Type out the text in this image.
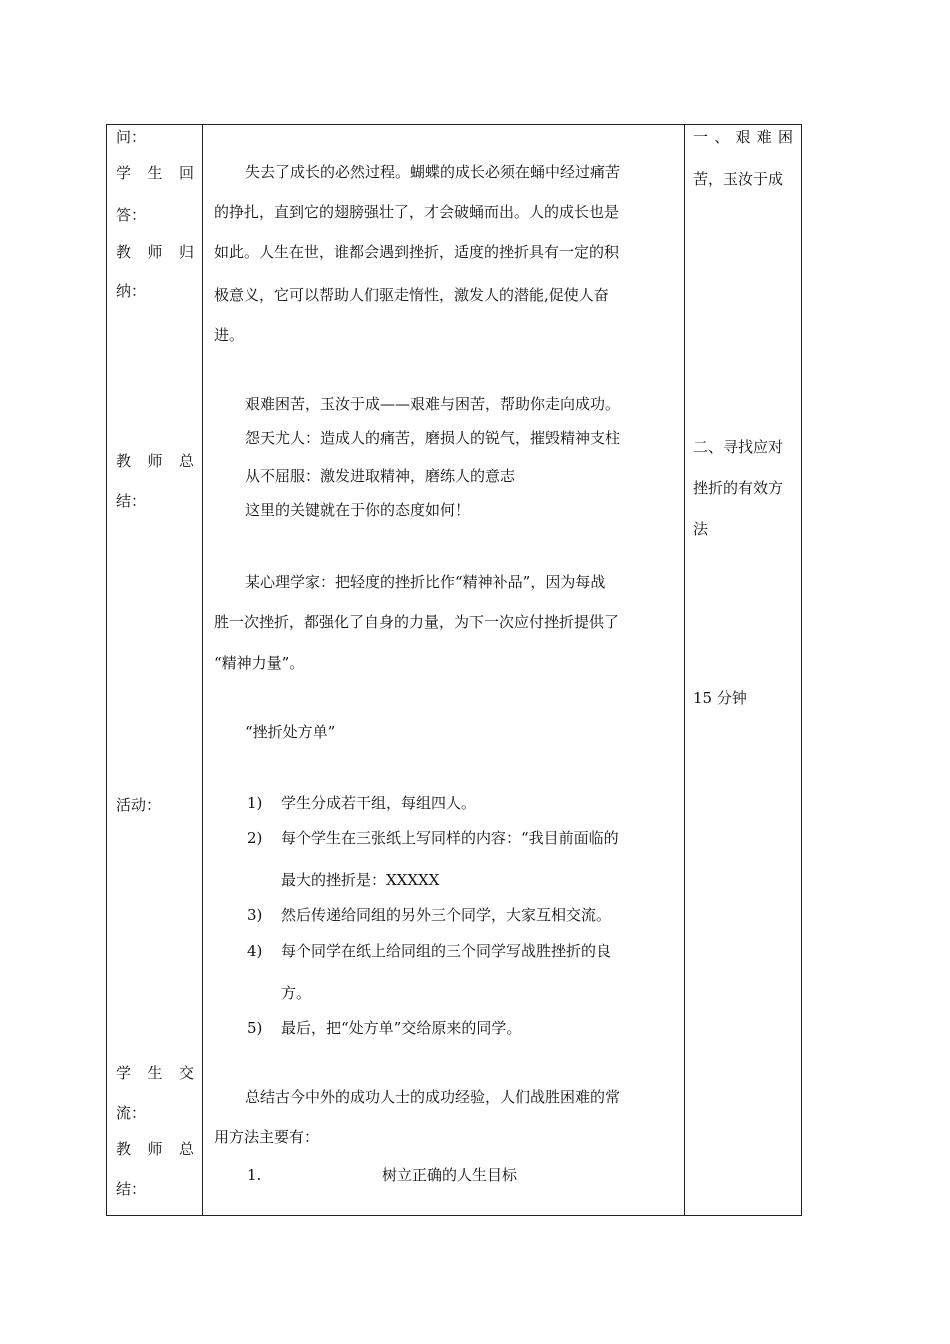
问：
学 生 回
答：
教 师 归
纳：
教 师 总
结：
活动：
学 生 交
流：
教 师 总
结：
失去了成长的必然过程。蝴蝶的成长必须在蛹中经过痛苦
的挣扎，直到它的翅膀强壮了，才会破蛹而出。人的成长也是
如此。人生在世，谁都会遇到挫折，适度的挫折具有一定的积
极意义，它可以帮助人们驱走惰性，激发人的潜能,促使人奋
进。
艰难困苦，玉汝于成——艰难与困苦，帮助你走向成功。
怨天尤人：造成人的痛苦，磨损人的锐气，摧毁精神支柱
从不屈服：激发进取精神，磨练人的意志
这里的关键就在于你的态度如何！
某心理学家：把轻度的挫折比作“精神补品”，因为每战
胜一次挫折，都强化了自身的力量，为下一次应付挫折提供了
“精神力量”。
“挫折处方单”
1) 学生分成若干组，每组四人。
2) 每个学生在三张纸上写同样的内容：“我目前面临的
最大的挫折是：XXXXX
3) 然后传递给同组的另外三个同学，大家互相交流。
4) 每个同学在纸上给同组的三个同学写战胜挫折的良
方。
5) 最后，把“处方单”交给原来的同学。
总结古今中外的成功人士的成功经验，人们战胜困难的常
用方法主要有：
1.	树立正确的人生目标
一 、 艰 难 困
苦，玉汝于成
二、寻找应对
挫折的有效方
法
15 分钟
